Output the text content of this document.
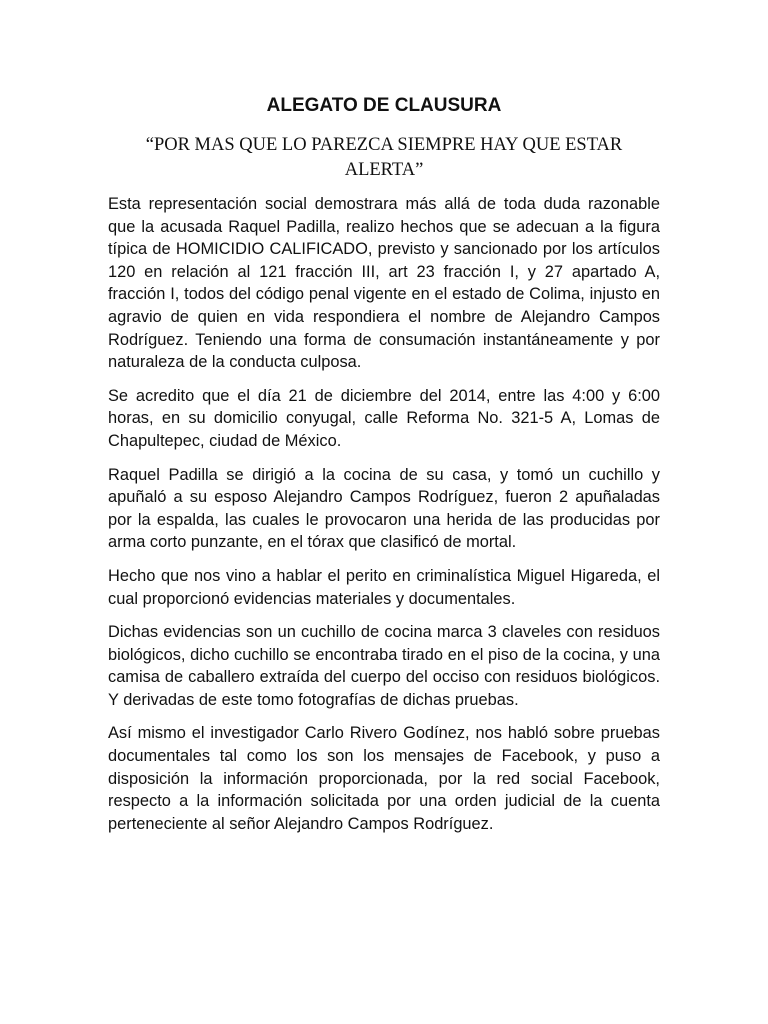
ALEGATO DE CLAUSURA

“POR MAS QUE LO PAREZCA SIEMPRE HAY QUE ESTAR ALERTA”

Esta representación social demostrara más allá de toda duda razonable que la acusada Raquel Padilla, realizo hechos que se adecuan a la figura típica de HOMICIDIO CALIFICADO, previsto y sancionado por los artículos 120 en relación al 121 fracción III, art 23 fracción I, y 27 apartado A, fracción I, todos del código penal vigente en el estado de Colima, injusto en agravio de quien en vida respondiera el nombre de Alejandro Campos Rodríguez. Teniendo una forma de consumación instantáneamente y por naturaleza de la conducta culposa.

Se acredito que el día 21 de diciembre del 2014, entre las 4:00 y 6:00 horas, en su domicilio conyugal, calle Reforma No. 321-5 A, Lomas de Chapultepec, ciudad de México.

Raquel Padilla se dirigió a la cocina de su casa, y tomó un cuchillo y apuñaló a su esposo Alejandro Campos Rodríguez, fueron 2 apuñaladas por la espalda, las cuales le provocaron una herida de las producidas por arma corto punzante, en el tórax que clasificó de mortal.

Hecho que nos vino a hablar el perito en criminalística Miguel Higareda, el cual proporcionó evidencias materiales y documentales.

Dichas evidencias son un cuchillo de cocina marca 3 claveles con residuos biológicos, dicho cuchillo se encontraba tirado en el piso de la cocina, y una camisa de caballero extraída del cuerpo del occiso con residuos biológicos. Y derivadas de este tomo fotografías de dichas pruebas.

Así mismo el investigador Carlo Rivero Godínez, nos habló sobre pruebas documentales tal como los son los mensajes de Facebook, y puso a disposición la información proporcionada, por la red social Facebook, respecto a la información solicitada por una orden judicial de la cuenta perteneciente al señor Alejandro Campos Rodríguez.
